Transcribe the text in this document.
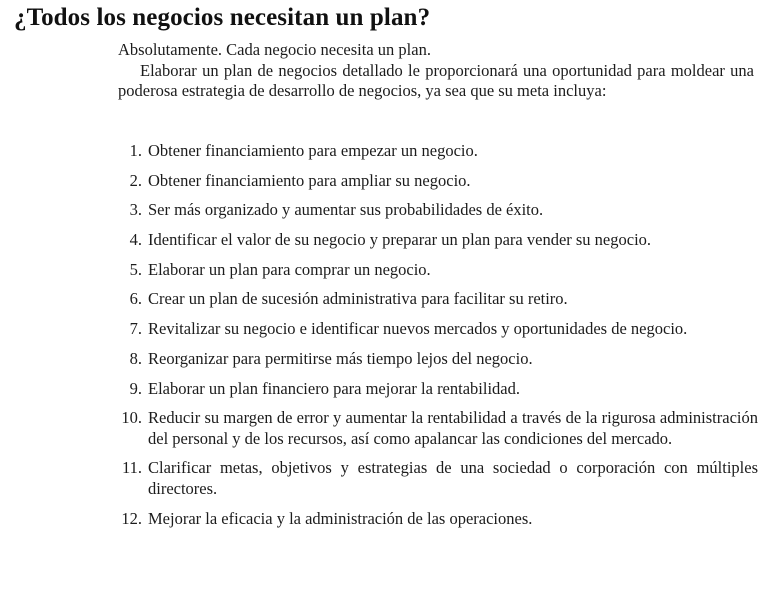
¿Todos los negocios necesitan un plan?

Absolutamente. Cada negocio necesita un plan.

Elaborar un plan de negocios detallado le proporcionará una oportunidad para moldear una poderosa estrategia de desarrollo de negocios, ya sea que su meta incluya:

1. Obtener financiamiento para empezar un negocio.
2. Obtener financiamiento para ampliar su negocio.
3. Ser más organizado y aumentar sus probabilidades de éxito.
4. Identificar el valor de su negocio y preparar un plan para vender su negocio.
5. Elaborar un plan para comprar un negocio.
6. Crear un plan de sucesión administrativa para facilitar su retiro.
7. Revitalizar su negocio e identificar nuevos mercados y oportunidades de negocio.
8. Reorganizar para permitirse más tiempo lejos del negocio.
9. Elaborar un plan financiero para mejorar la rentabilidad.
10. Reducir su margen de error y aumentar la rentabilidad a través de la rigurosa administración del personal y de los recursos, así como apalancar las condiciones del mercado.
11. Clarificar metas, objetivos y estrategias de una sociedad o corporación con múltiples directores.
12. Mejorar la eficacia y la administración de las operaciones.
